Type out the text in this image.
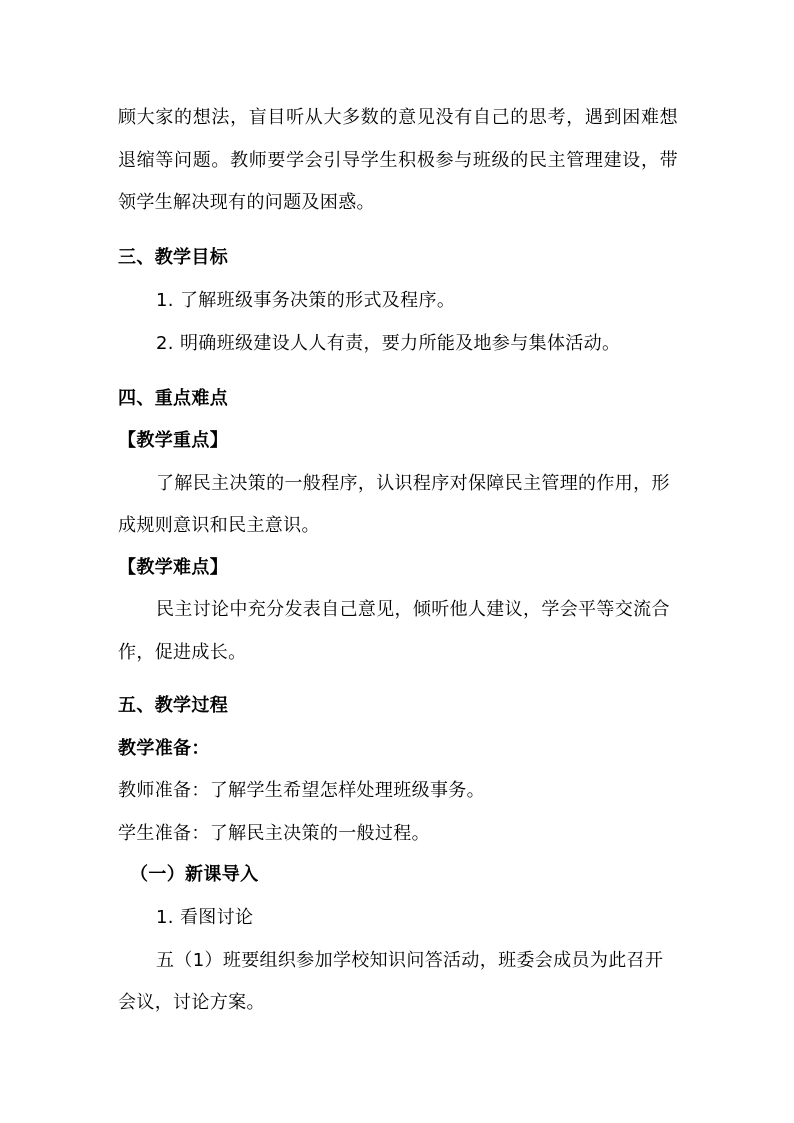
顾大家的想法，盲目听从大多数的意见没有自己的思考，遇到困难想
退缩等问题。教师要学会引导学生积极参与班级的民主管理建设，带
领学生解决现有的问题及困惑。
三、教学目标
1. 了解班级事务决策的形式及程序。
2. 明确班级建设人人有责，要力所能及地参与集体活动。
四、重点难点
【教学重点】
了解民主决策的一般程序，认识程序对保障民主管理的作用，形
成规则意识和民主意识。
【教学难点】
民主讨论中充分发表自己意见，倾听他人建议，学会平等交流合
作，促进成长。
五、教学过程
教学准备：
教师准备：了解学生希望怎样处理班级事务。
学生准备：了解民主决策的一般过程。
（一）新课导入
1. 看图讨论
五（1）班要组织参加学校知识问答活动，班委会成员为此召开
会议，讨论方案。
